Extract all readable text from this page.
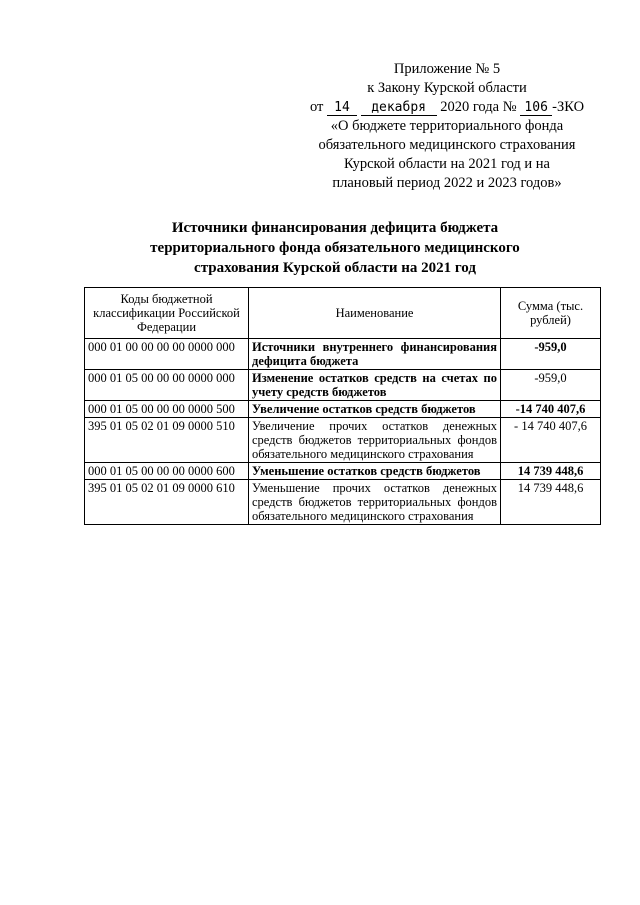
Приложение № 5
к Закону Курской области
от 14 декабря 2020 года № 106 -ЗКО
«О бюджете территориального фонда
обязательного медицинского страхования
Курской области на 2021 год и на
плановый период 2022 и 2023 годов»
Источники финансирования дефицита бюджета
территориального фонда обязательного медицинского
страхования Курской области на 2021 год
Коды бюджетной классификации Российской Федерации	Наименование	Сумма (тыс. рублей)
000 01 00 00 00 00 0000 000	Источники внутреннего финансирования дефицита бюджета	-959,0
000 01 05 00 00 00 0000 000	Изменение остатков средств на счетах по учету средств бюджетов	-959,0
000 01 05 00 00 00 0000 500	Увеличение остатков средств бюджетов	-14 740 407,6
395 01 05 02 01 09 0000 510	Увеличение прочих остатков денежных средств бюджетов территориальных фондов обязательного медицинского страхования	- 14 740 407,6
000 01 05 00 00 00 0000 600	Уменьшение остатков средств бюджетов	14 739 448,6
395 01 05 02 01 09 0000 610	Уменьшение прочих остатков денежных средств бюджетов территориальных фондов обязательного медицинского страхования	14 739 448,6
